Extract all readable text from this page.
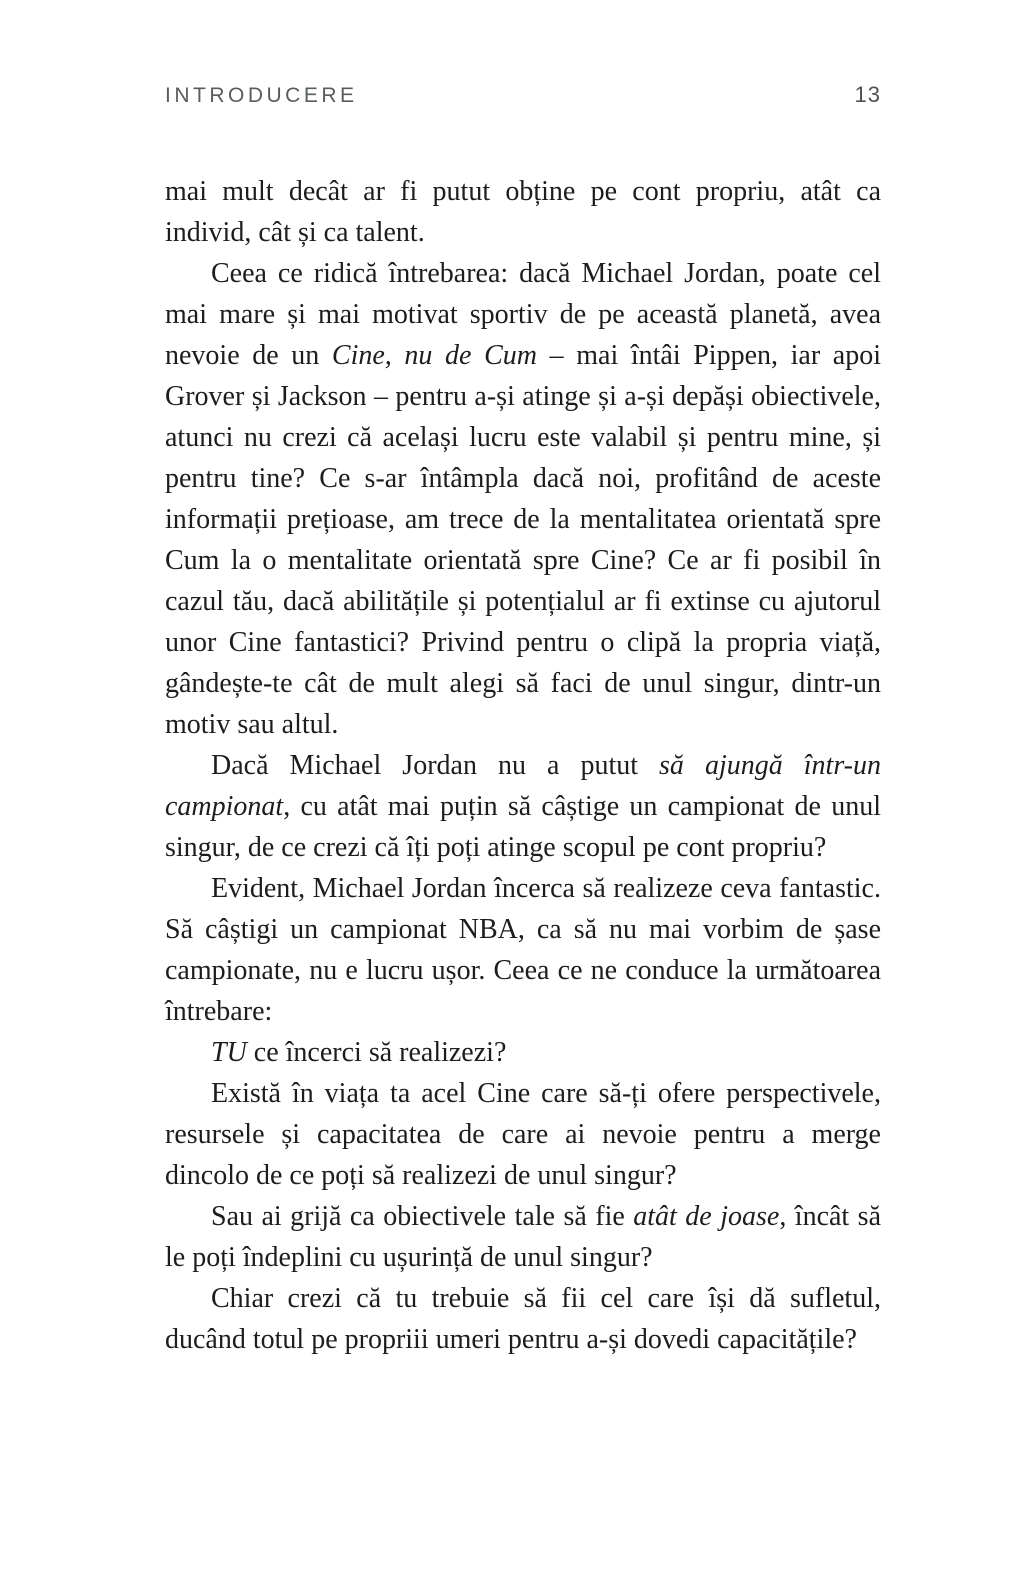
INTRODUCERE	13

mai mult decât ar fi putut obține pe cont propriu, atât ca individ, cât și ca talent.

Ceea ce ridică întrebarea: dacă Michael Jordan, poate cel mai mare și mai motivat sportiv de pe această planetă, avea nevoie de un Cine, nu de Cum – mai întâi Pippen, iar apoi Grover și Jackson – pentru a-și atinge și a-și depăși obiectivele, atunci nu crezi că același lucru este valabil și pentru mine, și pentru tine? Ce s-ar întâmpla dacă noi, profitând de aceste informații prețioase, am trece de la mentalitatea orientată spre Cum la o mentalitate orientată spre Cine? Ce ar fi posibil în cazul tău, dacă abilitățile și potențialul ar fi extinse cu ajutorul unor Cine fantastici? Privind pentru o clipă la propria viață, gândește-te cât de mult alegi să faci de unul singur, dintr-un motiv sau altul.

Dacă Michael Jordan nu a putut să ajungă într-un campionat, cu atât mai puțin să câștige un campionat de unul singur, de ce crezi că îți poți atinge scopul pe cont propriu?

Evident, Michael Jordan încerca să realizeze ceva fantastic. Să câștigi un campionat NBA, ca să nu mai vorbim de șase campionate, nu e lucru ușor. Ceea ce ne conduce la următoarea întrebare:

TU ce încerci să realizezi?

Există în viața ta acel Cine care să-ți ofere perspectivele, resursele și capacitatea de care ai nevoie pentru a merge dincolo de ce poți să realizezi de unul singur?

Sau ai grijă ca obiectivele tale să fie atât de joase, încât să le poți îndeplini cu ușurință de unul singur?

Chiar crezi că tu trebuie să fii cel care își dă sufletul, ducând totul pe propriii umeri pentru a-și dovedi capacitățile?
